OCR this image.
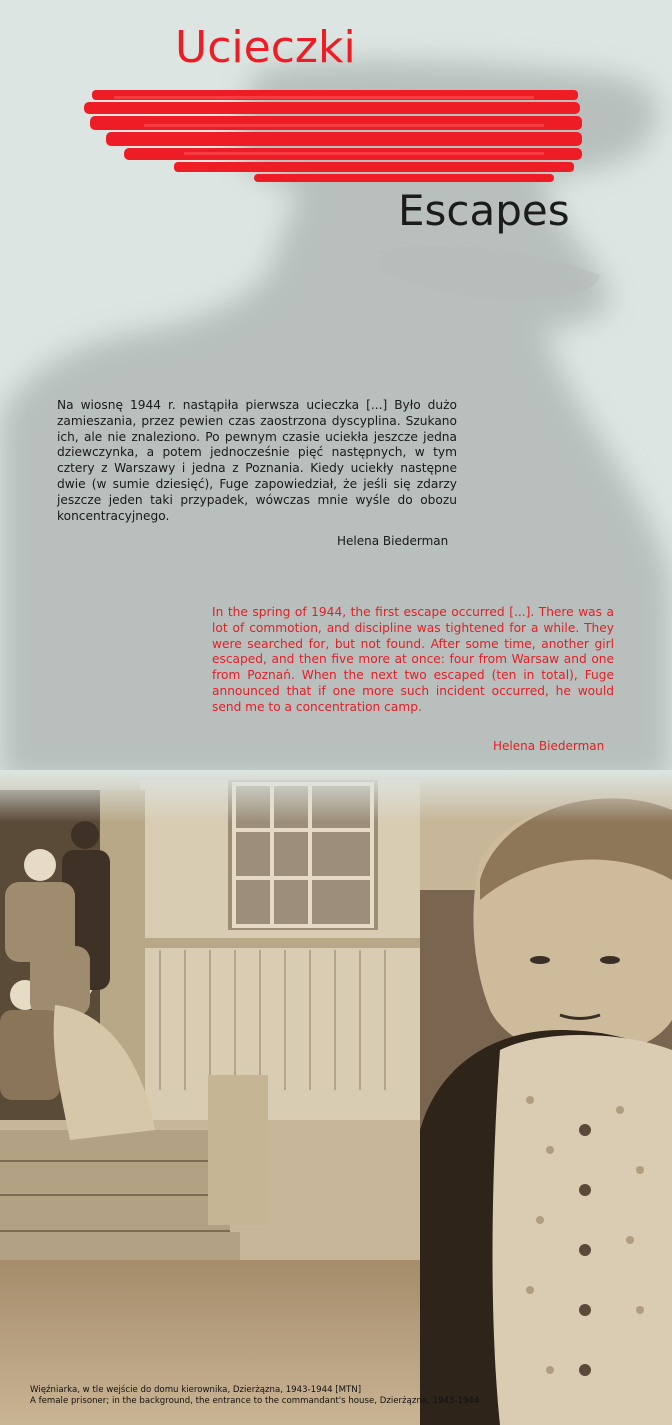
Ucieczki
Escapes

Na wiosnę 1944 r. nastąpiła pierwsza ucieczka [...] Było dużo zamieszania, przez pewien czas zaostrzona dyscyplina. Szukano ich, ale nie znaleziono. Po pewnym czasie uciekła jeszcze jedna dziewczynka, a potem jednocześnie pięć następnych, w tym cztery z Warszawy i jedna z Poznania. Kiedy uciekły następne dwie (w sumie dziesięć), Fuge zapowiedział, że jeśli się zdarzy jeszcze jeden taki przypadek, wówczas mnie wyśle do obozu koncentracyjnego.

Helena Biederman

In the spring of 1944, the first escape occurred [...]. There was a lot of commotion, and discipline was tightened for a while. They were searched for, but not found. After some time, another girl escaped, and then five more at once: four from Warsaw and one from Poznań. When the next two escaped (ten in total), Fuge announced that if one more such incident occurred, he would send me to a concentration camp.

Helena Biederman
Więźniarka, w tle wejście do domu kierownika, Dzierżązna, 1943-1944 [MTN]
A female prisoner; in the background, the entrance to the commandant's house, Dzierżązna, 1943-1944
